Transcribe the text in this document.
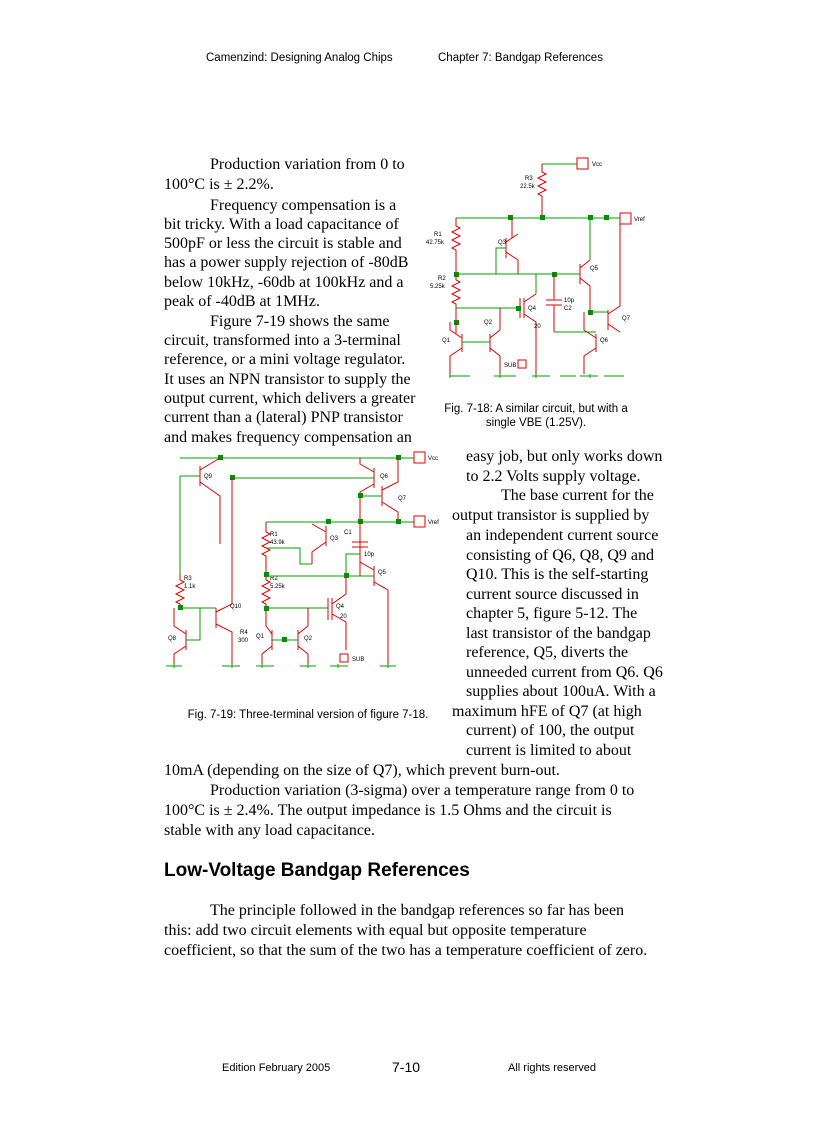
Camenzind: Designing Analog Chips	Chapter 7: Bandgap References
Production variation from 0 to
100°C is ± 2.2%.
Frequency compensation is a
bit tricky. With a load capacitance of
500pF or less the circuit is stable and
has a power supply rejection of -80dB
below 10kHz, -60db at 100kHz and a
peak of -40dB at 1MHz.
Figure 7-19 shows the same
circuit, transformed into a 3-terminal
reference, or a mini voltage regulator.
It uses an NPN transistor to supply the
output current, which delivers a greater
current than a (lateral) PNP transistor
and makes frequency compensation an
Vcc
R3
22.5k
Vref
R1
42.75k
R2
5.25k
Q3
Q5
Q7
10p
C2
Q4
20
Q2
Q1	Q6
SUB
Fig. 7-18: A similar circuit, but with a
single VBE (1.25V).
Vcc
Q9	Q6
Q7
Vref
R1
43.9k
C1
10p
Q3
R3
1.1k
R2
5.25k
Q5
Q10	Q4
20
R4
300
Q8	Q1	Q2
SUB
Fig. 7-19: Three-terminal version of figure 7-18.
easy job, but only works down
to 2.2 Volts supply voltage.
The base current for the
output transistor is supplied by
an independent current source
consisting of Q6, Q8, Q9 and
Q10. This is the self-starting
current source discussed in
chapter 5, figure 5-12. The
last transistor of the bandgap
reference, Q5, diverts the
unneeded current from Q6. Q6
supplies about 100uA. With a
maximum hFE of Q7 (at high
current) of 100, the output
current is limited to about
10mA (depending on the size of Q7), which prevent burn-out.
Production variation (3-sigma) over a temperature range from 0 to
100°C is ± 2.4%. The output impedance is 1.5 Ohms and the circuit is
stable with any load capacitance.
Low-Voltage Bandgap References
The principle followed in the bandgap references so far has been
this: add two circuit elements with equal but opposite temperature
coefficient, so that the sum of the two has a temperature coefficient of zero.
Edition February 2005	7-10	All rights reserved
